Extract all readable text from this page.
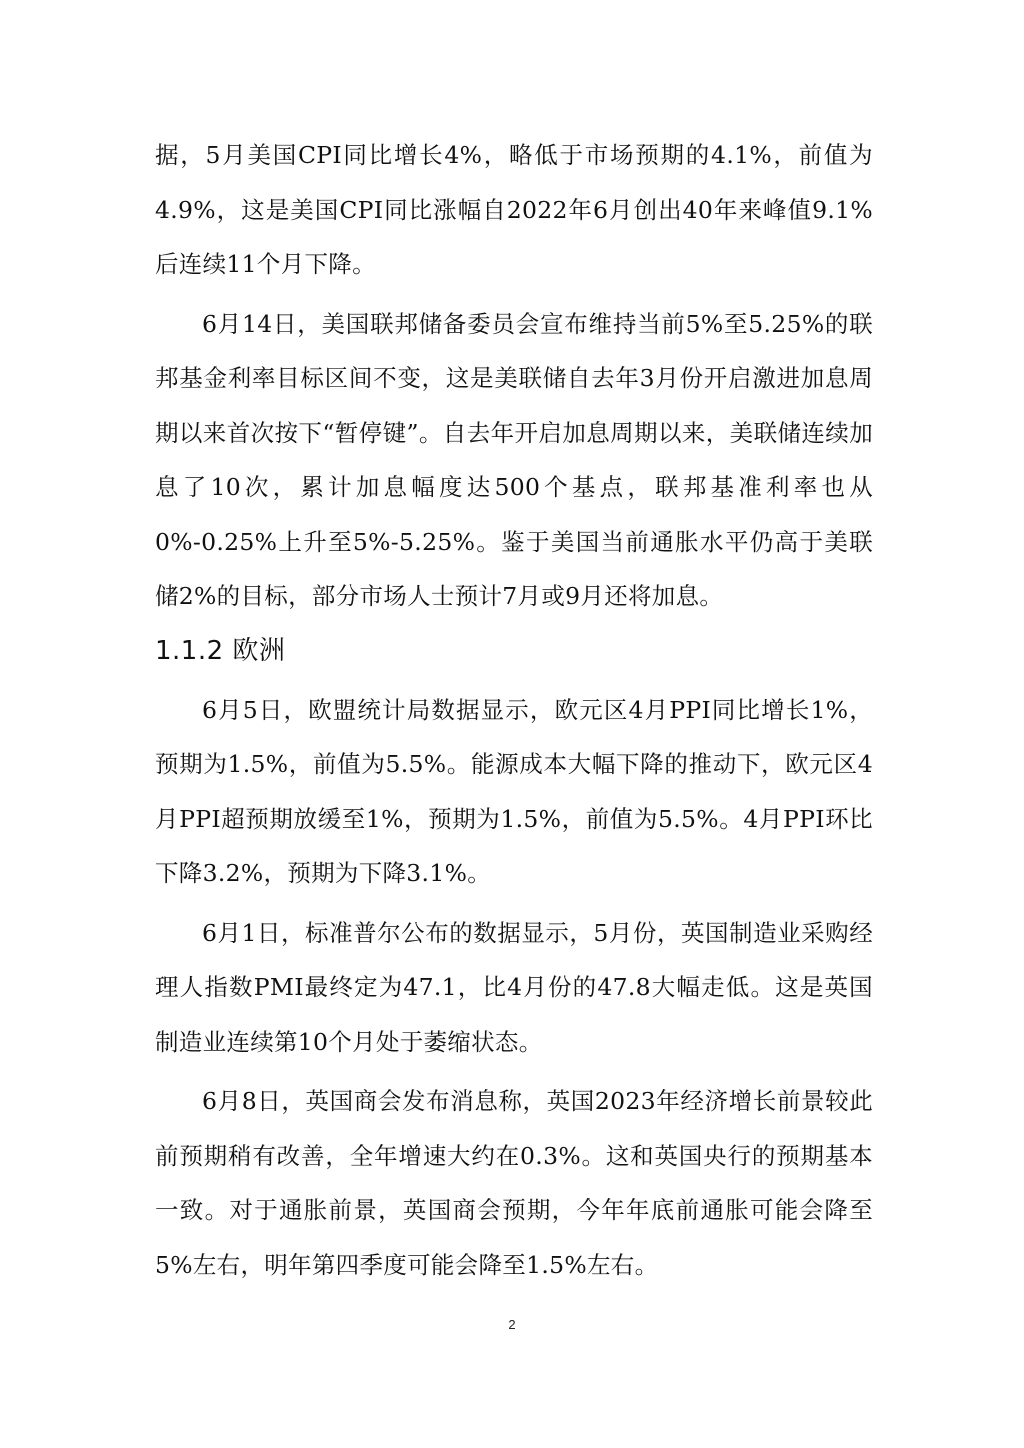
据，5月美国CPI同比增长4%，略低于市场预期的4.1%，前值为4.9%，这是美国CPI同比涨幅自2022年6月创出40年来峰值9.1%后连续11个月下降。

6月14日，美国联邦储备委员会宣布维持当前5%至5.25%的联邦基金利率目标区间不变，这是美联储自去年3月份开启激进加息周期以来首次按下“暂停键”。自去年开启加息周期以来，美联储连续加息了10次，累计加息幅度达500个基点，联邦基准利率也从0%-0.25%上升至5%-5.25%。鉴于美国当前通胀水平仍高于美联储2%的目标，部分市场人士预计7月或9月还将加息。

1.1.2 欧洲

6月5日，欧盟统计局数据显示，欧元区4月PPI同比增长1%，预期为1.5%，前值为5.5%。能源成本大幅下降的推动下，欧元区4月PPI超预期放缓至1%，预期为1.5%，前值为5.5%。4月PPI环比下降3.2%，预期为下降3.1%。

6月1日，标准普尔公布的数据显示，5月份，英国制造业采购经理人指数PMI最终定为47.1，比4月份的47.8大幅走低。这是英国制造业连续第10个月处于萎缩状态。

6月8日，英国商会发布消息称，英国2023年经济增长前景较此前预期稍有改善，全年增速大约在0.3%。这和英国央行的预期基本一致。对于通胀前景，英国商会预期，今年年底前通胀可能会降至5%左右，明年第四季度可能会降至1.5%左右。

2
